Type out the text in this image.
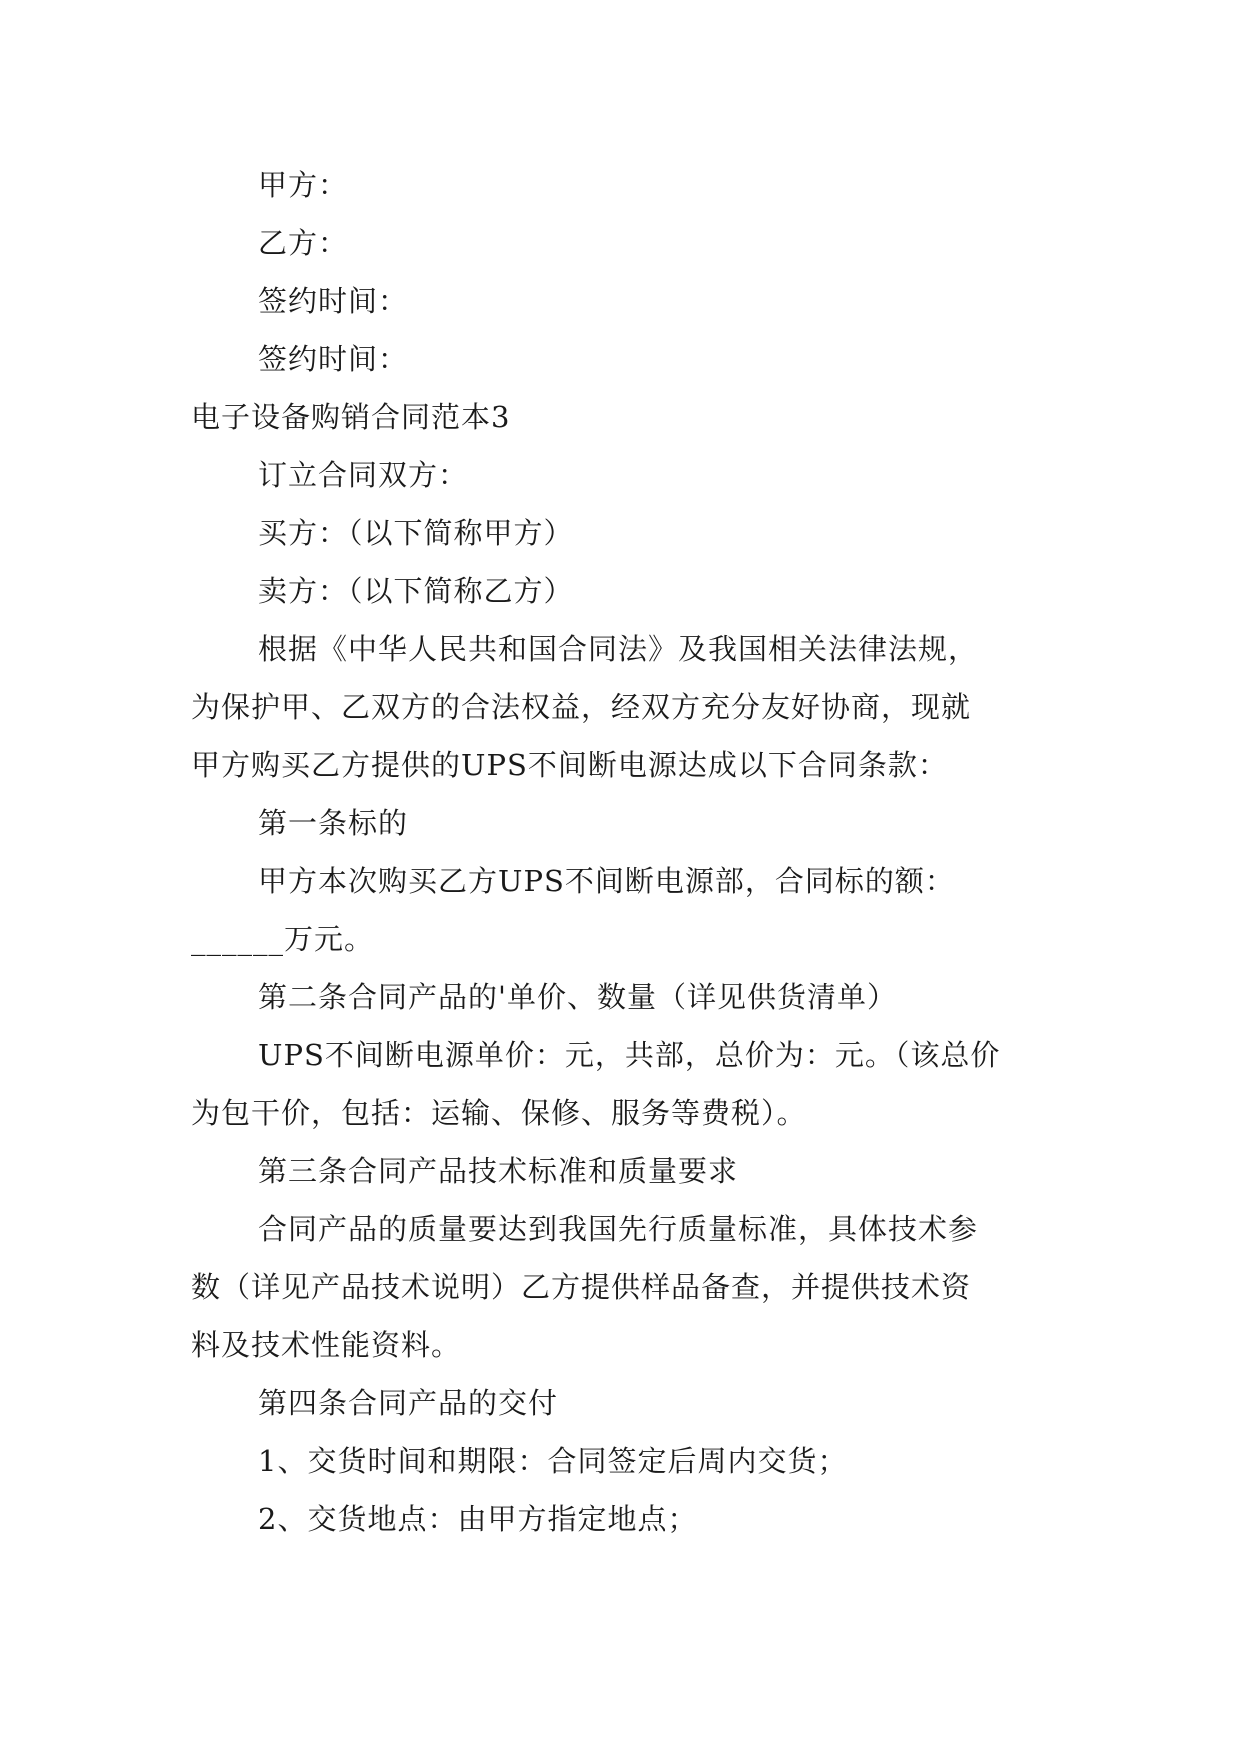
甲方：
乙方：
签约时间：
签约时间：
电子设备购销合同范本3
订立合同双方：
买方：（以下简称甲方）
卖方：（以下简称乙方）
根据《中华人民共和国合同法》及我国相关法律法规，
为保护甲、乙双方的合法权益，经双方充分友好协商，现就
甲方购买乙方提供的UPS不间断电源达成以下合同条款：
第一条标的
甲方本次购买乙方UPS不间断电源部，合同标的额：
______万元。
第二条合同产品的'单价、数量（详见供货清单）
UPS不间断电源单价：元，共部，总价为：元。（该总价
为包干价，包括：运输、保修、服务等费税）。
第三条合同产品技术标准和质量要求
合同产品的质量要达到我国先行质量标准，具体技术参
数（详见产品技术说明）乙方提供样品备查，并提供技术资
料及技术性能资料。
第四条合同产品的交付
1、交货时间和期限：合同签定后周内交货；
2、交货地点：由甲方指定地点；
